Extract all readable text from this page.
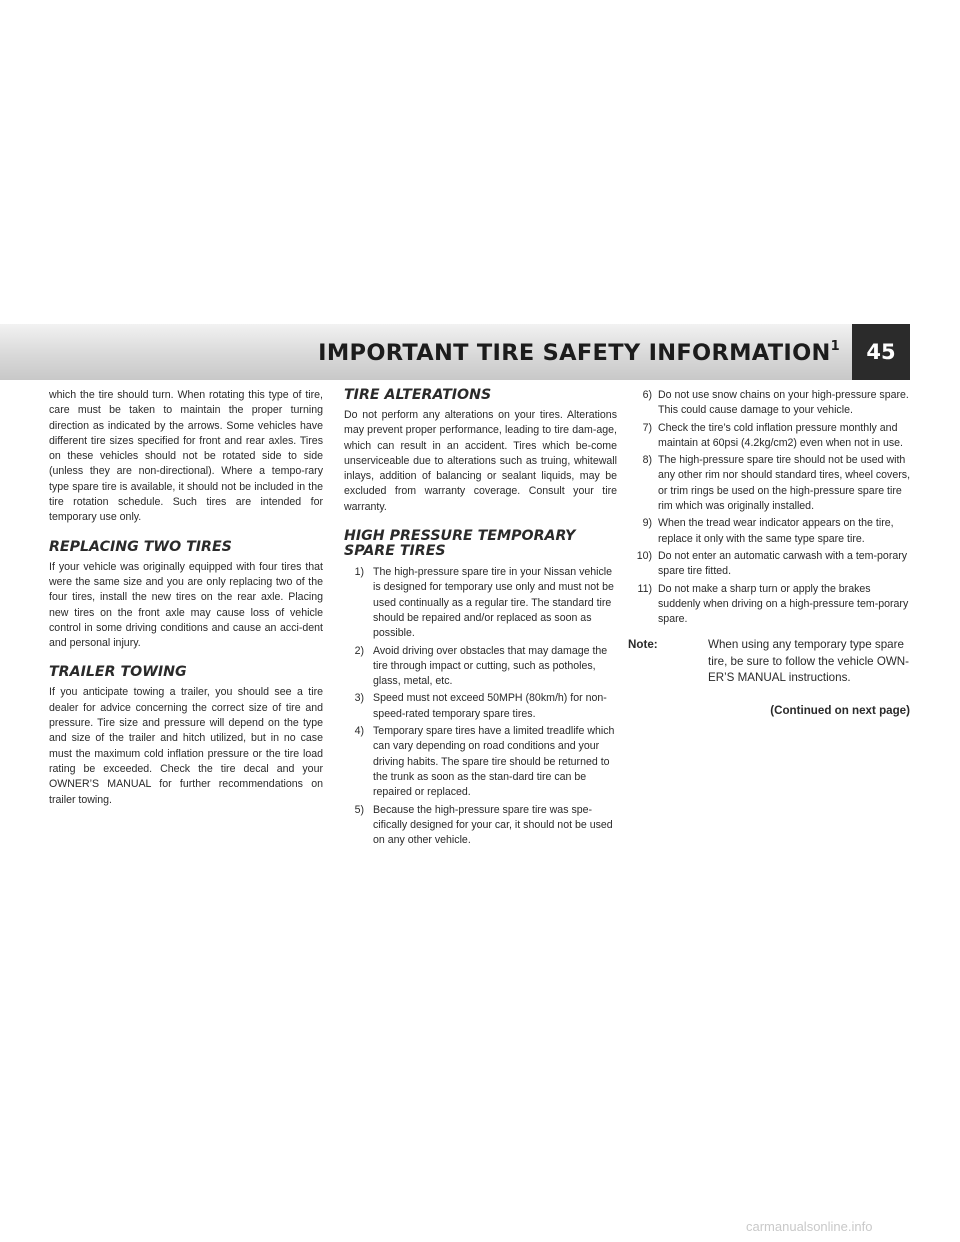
IMPORTANT TIRE SAFETY INFORMATION$^1$	45

which the tire should turn. When rotating this type of tire, care must be taken to maintain the proper turning direction as indicated by the arrows. Some vehicles have different tire sizes specified for front and rear axles. Tires on these vehicles should not be rotated side to side (unless they are non-directional). Where a tempo-rary type spare tire is available, it should not be included in the tire rotation schedule. Such tires are intended for temporary use only.

REPLACING TWO TIRES

If your vehicle was originally equipped with four tires that were the same size and you are only replacing two of the four tires, install the new tires on the rear axle. Placing new tires on the front axle may cause loss of vehicle control in some driving conditions and cause an acci-dent and personal injury.

TRAILER TOWING

If you anticipate towing a trailer, you should see a tire dealer for advice concerning the correct size of tire and pressure. Tire size and pressure will depend on the type and size of the trailer and hitch utilized, but in no case must the maximum cold inflation pressure or the tire load rating be exceeded. Check the tire decal and your OWNER’S MANUAL for further recommendations on trailer towing.

TIRE ALTERATIONS

Do not perform any alterations on your tires. Alterations may prevent proper performance, leading to tire dam-age, which can result in an accident. Tires which be-come unserviceable due to alterations such as truing, whitewall inlays, addition of balancing or sealant liquids, may be excluded from warranty coverage. Consult your tire warranty.

HIGH PRESSURE TEMPORARY SPARE TIRES
1) The high-pressure spare tire in your Nissan vehicle is designed for temporary use only and must not be used continually as a regular tire. The standard tire should be repaired and/or replaced as soon as possible.
2) Avoid driving over obstacles that may damage the tire through impact or cutting, such as potholes, glass, metal, etc.
3) Speed must not exceed 50MPH (80km/h) for non-speed-rated temporary spare tires.
4) Temporary spare tires have a limited treadlife which can vary depending on road conditions and your driving habits. The spare tire should be returned to the trunk as soon as the stan-dard tire can be repaired or replaced.
5) Because the high-pressure spare tire was spe-cifically designed for your car, it should not be used on any other vehicle.
6) Do not use snow chains on your high-pressure spare. This could cause damage to your vehicle.
7) Check the tire’s cold inflation pressure monthly and maintain at 60psi (4.2kg/cm2) even when not in use.
8) The high-pressure spare tire should not be used with any other rim nor should standard tires, wheel covers, or trim rings be used on the high-pressure spare tire rim which was originally installed.
9) When the tread wear indicator appears on the tire, replace it only with the same type spare tire.
10) Do not enter an automatic carwash with a tem-porary spare tire fitted.
11) Do not make a sharp turn or apply the brakes suddenly when driving on a high-pressure tem-porary spare.
Note:	When using any temporary type spare tire, be sure to follow the vehicle OWN-ER’S MANUAL instructions.
(Continued on next page)
carmanualsonline.info
